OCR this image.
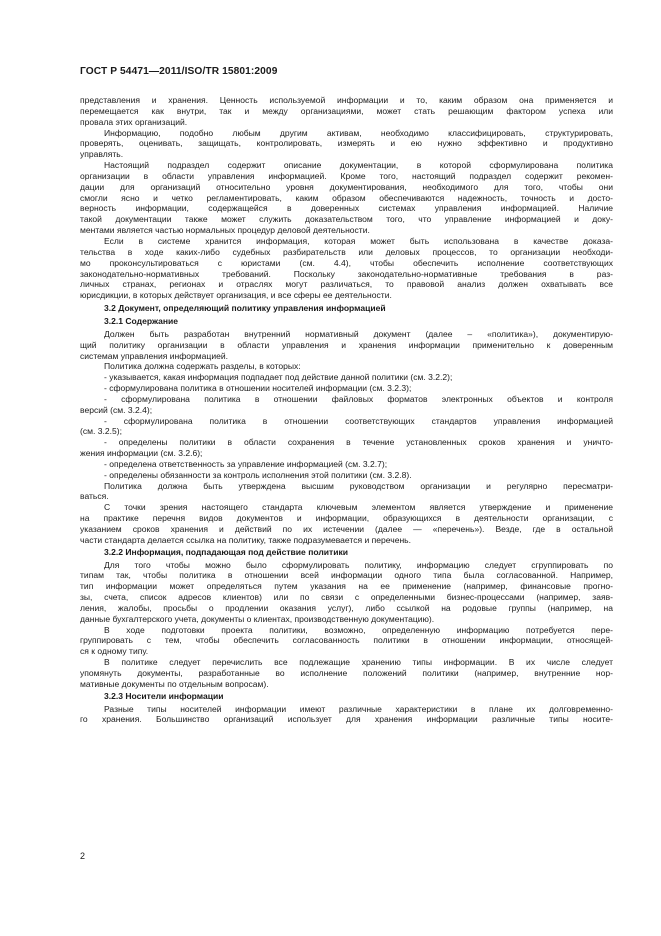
ГОСТ Р 54471—2011/ISO/TR 15801:2009
представления и хранения. Ценность используемой информации и то, каким образом она применяется и
перемещается как внутри, так и между организациями, может стать решающим фактором успеха или
провала этих организаций.
Информацию, подобно любым другим активам, необходимо классифицировать, структурировать,
проверять, оценивать, защищать, контролировать, измерять и ею нужно эффективно и продуктивно
управлять.
Настоящий подраздел содержит описание документации, в которой сформулирована политика
организации в области управления информацией. Кроме того, настоящий подраздел содержит рекомен-
дации для организаций относительно уровня документирования, необходимого для того, чтобы они
смогли ясно и четко регламентировать, каким образом обеспечиваются надежность, точность и досто-
верность информации, содержащейся в доверенных системах управления информацией. Наличие
такой документации также может служить доказательством того, что управление информацией и доку-
ментами является частью нормальных процедур деловой деятельности.
Если в системе хранится информация, которая может быть использована в качестве доказа-
тельства в ходе каких-либо судебных разбирательств или деловых процессов, то организации необходи-
мо проконсультироваться с юристами (см. 4.4), чтобы обеспечить исполнение соответствующих
законодательно-нормативных требований. Поскольку законодательно-нормативные требования в раз-
личных странах, регионах и отраслях могут различаться, то правовой анализ должен охватывать все
юрисдикции, в которых действует организация, и все сферы ее деятельности.
3.2 Документ, определяющий политику управления информацией
3.2.1 Содержание
Должен быть разработан внутренний нормативный документ (далее – «политика»), документирую-
щий политику организации в области управления и хранения информации применительно к доверенным
системам управления информацией.
Политика должна содержать разделы, в которых:
- указывается, какая информация подпадает под действие данной политики (см. 3.2.2);
- сформулирована политика в отношении носителей информации (см. 3.2.3);
- сформулирована политика в отношении файловых форматов электронных объектов и контроля
версий (см. 3.2.4);
- сформулирована политика в отношении соответствующих стандартов управления информацией
(см. 3.2.5);
- определены политики в области сохранения в течение установленных сроков хранения и уничто-
жения информации (см. 3.2.6);
- определена ответственность за управление информацией (см. 3.2.7);
- определены обязанности за контроль исполнения этой политики (см. 3.2.8).
Политика должна быть утверждена высшим руководством организации и регулярно пересматри-
ваться.
С точки зрения настоящего стандарта ключевым элементом является утверждение и применение
на практике перечня видов документов и информации, образующихся в деятельности организации, с
указанием сроков хранения и действий по их истечении (далее — «перечень»). Везде, где в остальной
части стандарта делается ссылка на политику, также подразумевается и перечень.
3.2.2 Информация, подпадающая под действие политики
Для того чтобы можно было сформулировать политику, информацию следует сгруппировать по
типам так, чтобы политика в отношении всей информации одного типа была согласованной. Например,
тип информации может определяться путем указания на ее применение (например, финансовые прогно-
зы, счета, список адресов клиентов) или по связи с определенными бизнес-процессами (например, заяв-
ления, жалобы, просьбы о продлении оказания услуг), либо ссылкой на родовые группы (например, на
данные бухгалтерского учета, документы о клиентах, производственную документацию).
В ходе подготовки проекта политики, возможно, определенную информацию потребуется пере-
группировать с тем, чтобы обеспечить согласованность политики в отношении информации, относящей-
ся к одному типу.
В политике следует перечислить все подлежащие хранению типы информации. В их числе следует
упомянуть документы, разработанные во исполнение положений политики (например, внутренние нор-
мативные документы по отдельным вопросам).
3.2.3 Носители информации
Разные типы носителей информации имеют различные характеристики в плане их долговременно-
го хранения. Большинство организаций использует для хранения информации различные типы носите-
2
